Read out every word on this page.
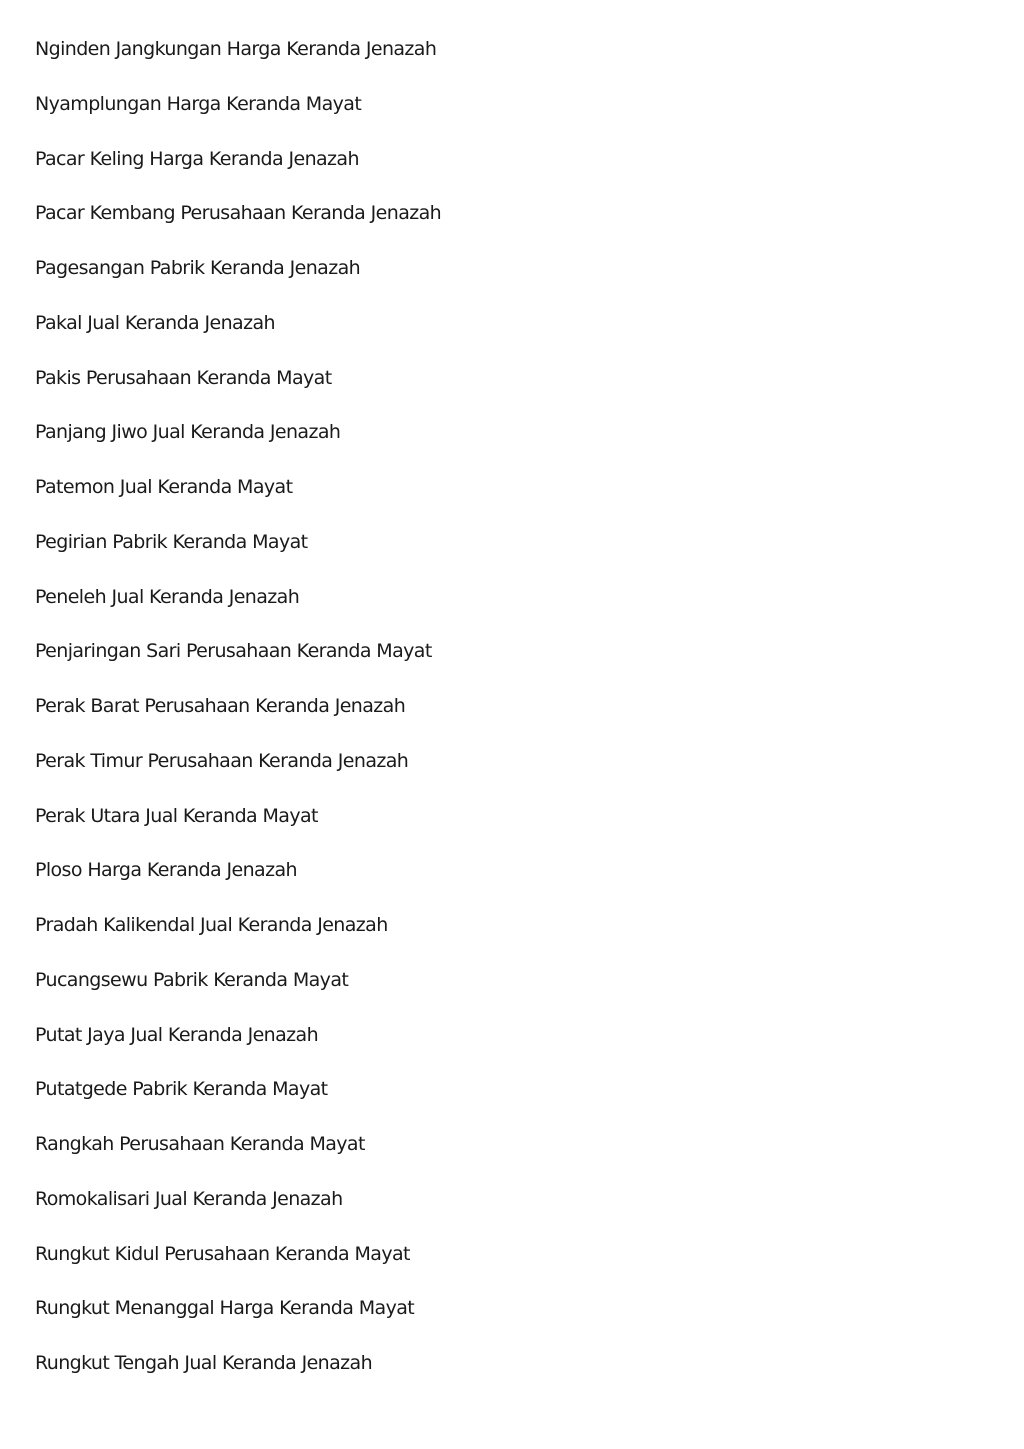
Nginden Jangkungan Harga Keranda Jenazah
Nyamplungan Harga Keranda Mayat
Pacar Keling Harga Keranda Jenazah
Pacar Kembang Perusahaan Keranda Jenazah
Pagesangan Pabrik Keranda Jenazah
Pakal Jual Keranda Jenazah
Pakis Perusahaan Keranda Mayat
Panjang Jiwo Jual Keranda Jenazah
Patemon Jual Keranda Mayat
Pegirian Pabrik Keranda Mayat
Peneleh Jual Keranda Jenazah
Penjaringan Sari Perusahaan Keranda Mayat
Perak Barat Perusahaan Keranda Jenazah
Perak Timur Perusahaan Keranda Jenazah
Perak Utara Jual Keranda Mayat
Ploso Harga Keranda Jenazah
Pradah Kalikendal Jual Keranda Jenazah
Pucangsewu Pabrik Keranda Mayat
Putat Jaya Jual Keranda Jenazah
Putatgede Pabrik Keranda Mayat
Rangkah Perusahaan Keranda Mayat
Romokalisari Jual Keranda Jenazah
Rungkut Kidul Perusahaan Keranda Mayat
Rungkut Menanggal Harga Keranda Mayat
Rungkut Tengah Jual Keranda Jenazah
